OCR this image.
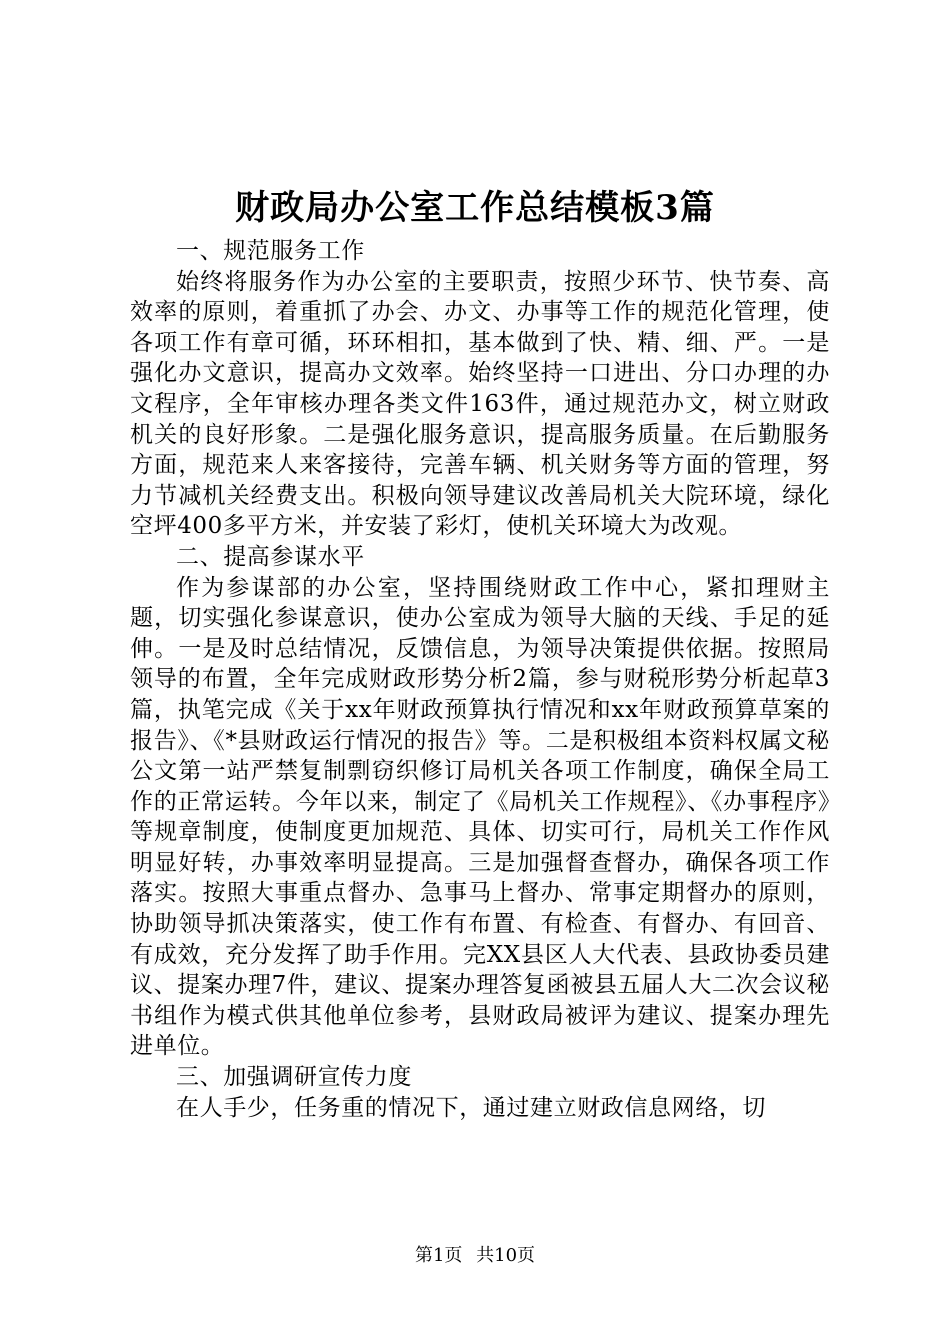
财政局办公室工作总结模板3篇
一、规范服务工作

始终将服务作为办公室的主要职责，按照少环节、快节奏、高效率的原则，着重抓了办会、办文、办事等工作的规范化管理，使各项工作有章可循，环环相扣，基本做到了快、精、细、严。一是强化办文意识，提高办文效率。始终坚持一口进出、分口办理的办文程序，全年审核办理各类文件163件，通过规范办文，树立财政机关的良好形象。二是强化服务意识，提高服务质量。在后勤服务方面，规范来人来客接待，完善车辆、机关财务等方面的管理，努力节减机关经费支出。积极向领导建议改善局机关大院环境，绿化空坪400多平方米，并安装了彩灯，使机关环境大为改观。

二、提高参谋水平

作为参谋部的办公室，坚持围绕财政工作中心，紧扣理财主题，切实强化参谋意识，使办公室成为领导大脑的天线、手足的延伸。一是及时总结情况，反馈信息，为领导决策提供依据。按照局领导的布置，全年完成财政形势分析2篇，参与财税形势分析起草3篇，执笔完成《关于xx年财政预算执行情况和xx年财政预算草案的报告》、《*县财政运行情况的报告》等。二是积极组本资料权属文秘公文第一站严禁复制剽窃织修订局机关各项工作制度，确保全局工作的正常运转。今年以来，制定了《局机关工作规程》、《办事程序》等规章制度，使制度更加规范、具体、切实可行，局机关工作作风明显好转，办事效率明显提高。三是加强督查督办，确保各项工作落实。按照大事重点督办、急事马上督办、常事定期督办的原则，协助领导抓决策落实，使工作有布置、有检查、有督办、有回音、有成效，充分发挥了助手作用。完XX县区人大代表、县政协委员建议、提案办理7件，建议、提案办理答复函被县五届人大二次会议秘书组作为模式供其他单位参考，县财政局被评为建议、提案办理先进单位。

三、加强调研宣传力度

在人手少，任务重的情况下，通过建立财政信息网络，切

第1页 共10页
